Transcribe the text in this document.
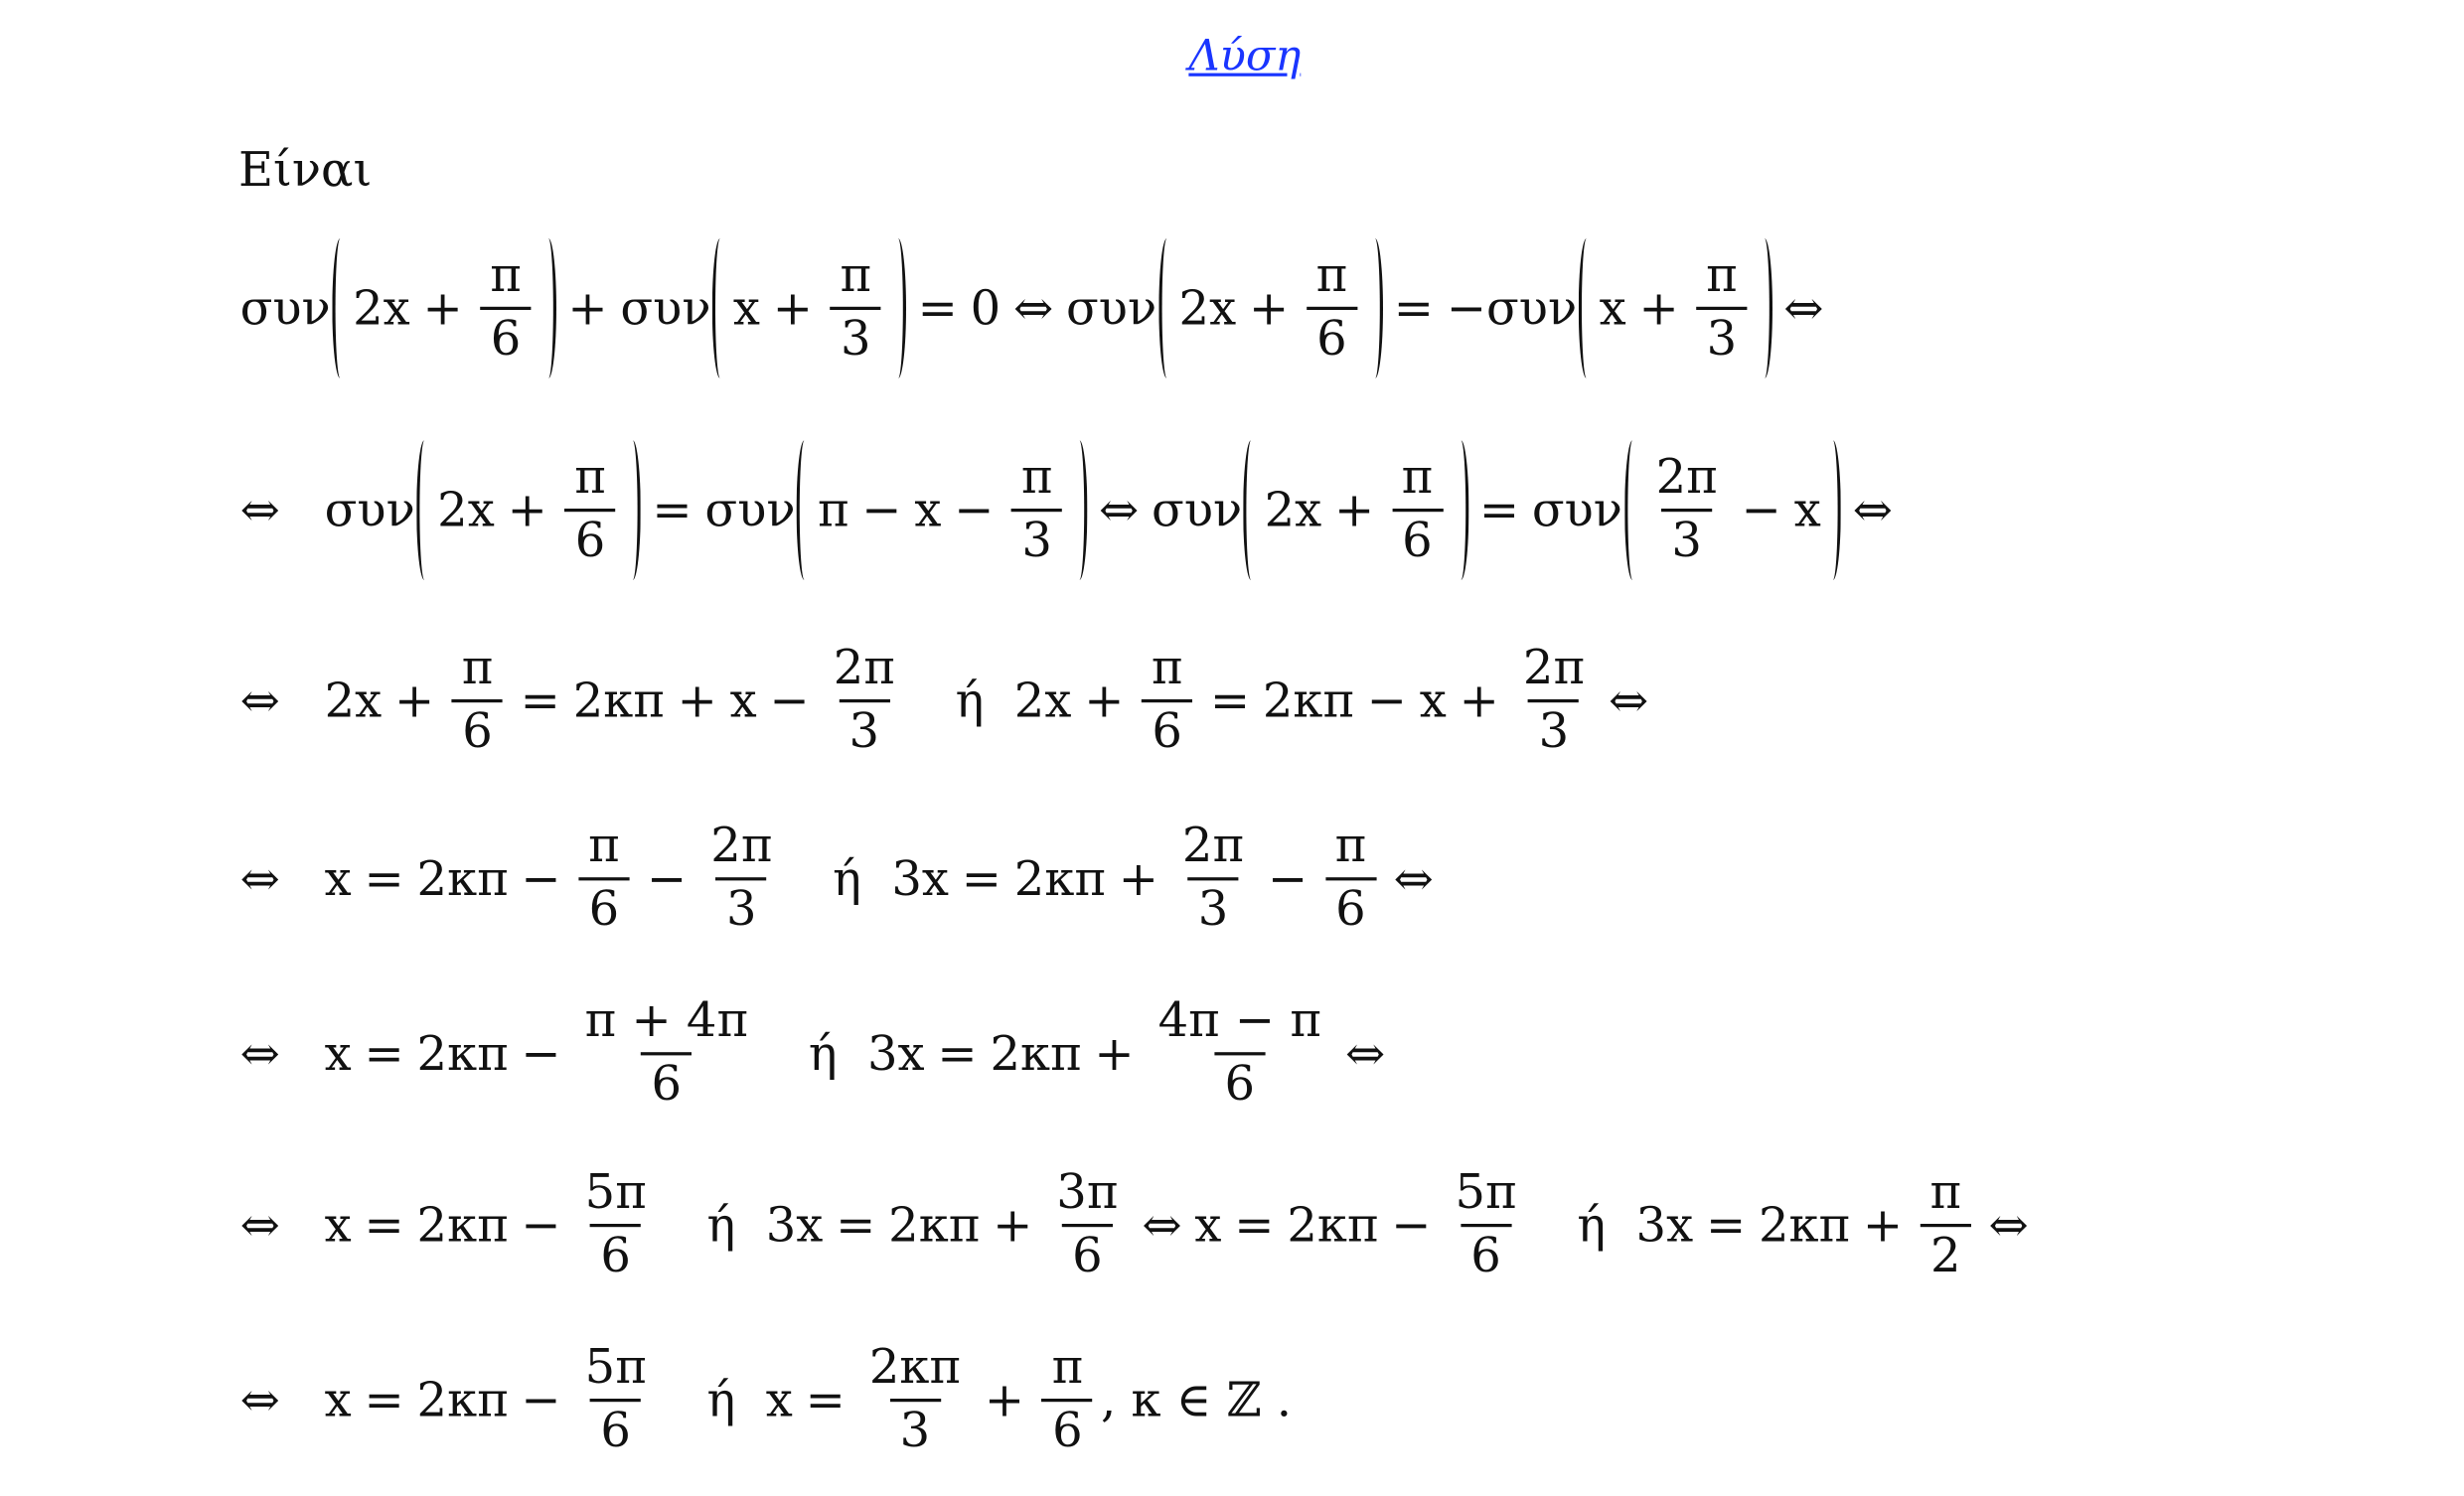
Λύση
Είναι
συν $2x + \frac{\pi}{6}$	+ συν $x + \frac{\pi}{3}$	= 0 ⇔ συν $2x + \frac{\pi}{6}$	= −συν $x + \frac{\pi}{3}$	⇔
⇔ συν $2x + \frac{\pi}{6}$	= συν $\pi - x - \frac{\pi}{3}$	⇔ συν $2x + \frac{\pi}{6}$	= συν $\frac{2\pi}{3} - x$	⇔
⇔ $2x + \frac{\pi}{6} = 2\kappa\pi + x - \frac{2\pi}{3}$ ή	$2x + \frac{\pi}{6} = 2\kappa\pi - x + \frac{2\pi}{3}$ ⇔
⇔ $x = 2\kappa\pi - \frac{\pi}{6} - \frac{2\pi}{3}$ ή	$3x = 2\kappa\pi + \frac{2\pi}{3} - \frac{\pi}{6}$ ⇔
⇔ $x = 2\kappa\pi - \frac{\pi + 4\pi}{6}$ ή	$3x = 2\kappa\pi + \frac{4\pi - \pi}{6}$ ⇔
⇔ $x = 2\kappa\pi - \frac{5\pi}{6}$ ή	$3x = 2\kappa\pi + \frac{3\pi}{6}$ ⇔ $x = 2\kappa\pi - \frac{5\pi}{6}$ ή	$3x = 2\kappa\pi + \frac{\pi}{2}$ ⇔
⇔ $x = 2\kappa\pi - \frac{5\pi}{6}$ ή	$x = \frac{2\kappa\pi}{3} + \frac{\pi}{6}$ , κ ∈ ℤ .
